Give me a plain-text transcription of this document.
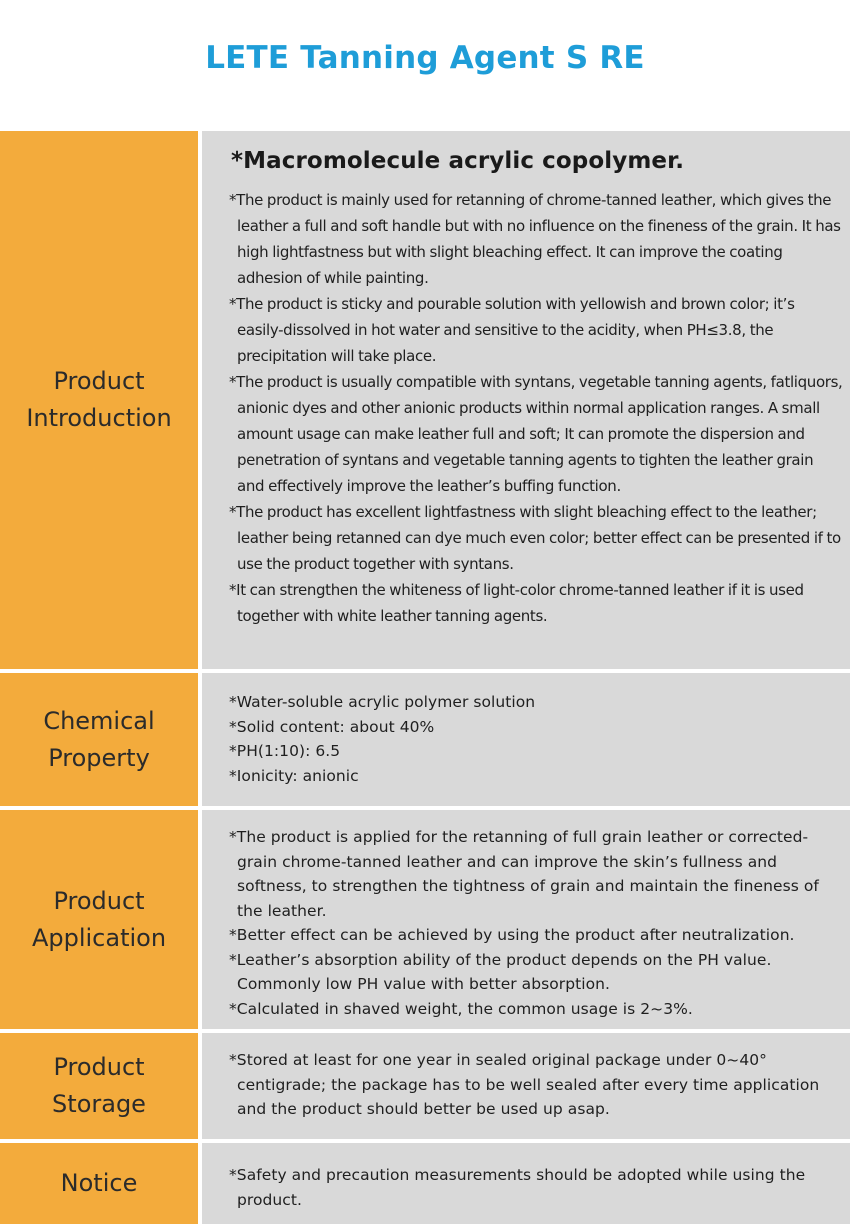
LETE Tanning Agent S RE
Product Introduction
*Macromolecule acrylic copolymer.

*The product is mainly used for retanning of chrome-tanned leather, which gives the leather a full and soft handle but with no influence on the fineness of the grain. It has high lightfastness but with slight bleaching effect. It can improve the coating adhesion of while painting.

*The product is sticky and pourable solution with yellowish and brown color; it’s easily-dissolved in hot water and sensitive to the acidity, when PH≤3.8, the precipitation will take place.

*The product is usually compatible with syntans, vegetable tanning agents, fatliquors, anionic dyes and other anionic products within normal application ranges. A small amount usage can make leather full and soft; It can promote the dispersion and penetration of syntans and vegetable tanning agents to tighten the leather grain and effectively improve the leather’s buffing function.

*The product has excellent lightfastness with slight bleaching effect to the leather; leather being retanned can dye much even color; better effect can be presented if to use the product together with syntans.

*It can strengthen the whiteness of light-color chrome-tanned leather if it is used together with white leather tanning agents.

Chemical Property

*Water-soluble acrylic polymer solution

*Solid content: about 40%

*PH(1:10): 6.5

*Ionicity: anionic

Product Application

*The product is applied for the retanning of full grain leather or corrected-grain chrome-tanned leather and can improve the skin’s fullness and softness, to strengthen the tightness of grain and maintain the fineness of the leather.

*Better effect can be achieved by using the product after neutralization.

*Leather’s absorption ability of the product depends on the PH value. Commonly low PH value with better absorption.

*Calculated in shaved weight, the common usage is 2~3%.

Product Storage

*Stored at least for one year in sealed original package under 0~40° centigrade; the package has to be well sealed after every time application and the product should better be used up asap.

Notice	*Safety and precaution measurements should be adopted while using the product.
